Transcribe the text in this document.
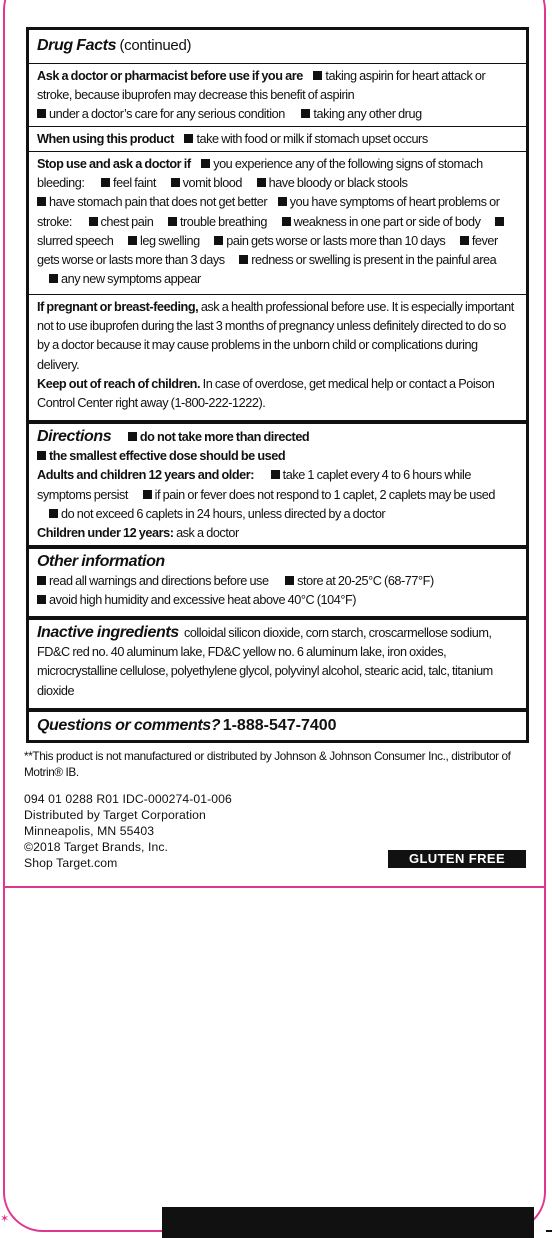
Drug Facts (continued)
Ask a doctor or pharmacist before use if you are taking aspirin for heart attack or stroke, because ibuprofen may decrease this benefit of aspirin
under a doctor’s care for any serious condition taking any other drug
When using this product take with food or milk if stomach upset occurs
Stop use and ask a doctor if you experience any of the following signs of stomach bleeding: feel faint vomit blood have bloody or black stools
have stomach pain that does not get better you have symptoms of heart problems or stroke: chest pain trouble breathing weakness in one part or side of body slurred speech leg swelling pain gets worse or lasts more than 10 days fever gets worse or lasts more than 3 days redness or swelling is present in the painful area any new symptoms appear
If pregnant or breast-feeding, ask a health professional before use. It is especially important not to use ibuprofen during the last 3 months of pregnancy unless definitely directed to do so by a doctor because it may cause problems in the unborn child or complications during delivery.
Keep out of reach of children. In case of overdose, get medical help or contact a Poison Control Center right away (1-800-222-1222).
Directions do not take more than directed
the smallest effective dose should be used
Adults and children 12 years and older: take 1 caplet every 4 to 6 hours while symptoms persist if pain or fever does not respond to 1 caplet, 2 caplets may be used do not exceed 6 caplets in 24 hours, unless directed by a doctor
Children under 12 years: ask a doctor
Other information
read all warnings and directions before use store at 20-25°C (68-77°F)
avoid high humidity and excessive heat above 40°C (104°F)
Inactive ingredients colloidal silicon dioxide, corn starch, croscarmellose sodium, FD&C red no. 40 aluminum lake, FD&C yellow no. 6 aluminum lake, iron oxides, microcrystalline cellulose, polyethylene glycol, polyvinyl alcohol, stearic acid, talc, titanium dioxide
Questions or comments? 1-888-547-7400
**This product is not manufactured or distributed by Johnson & Johnson Consumer Inc., distributor of Motrin® IB.
094 01 0288 R01 IDC-000274-01-006
Distributed by Target Corporation
Minneapolis, MN 55403
©2018 Target Brands, Inc.
Shop Target.com	GLUTEN FREE
✶
